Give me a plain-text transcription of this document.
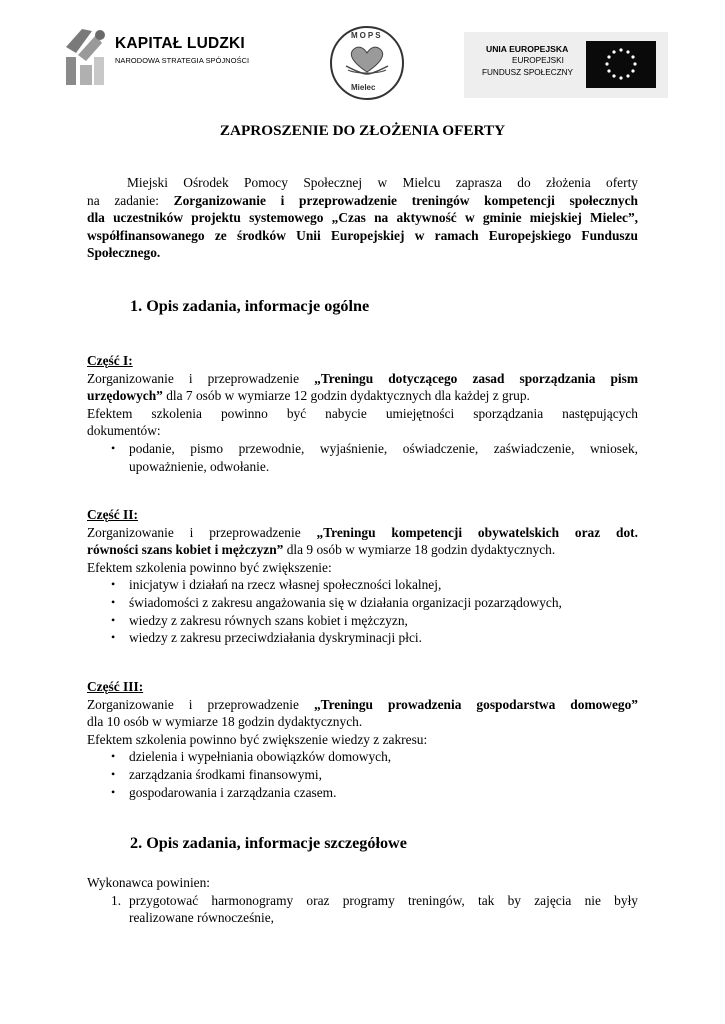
KAPITAŁ LUDZKI
NARODOWA STRATEGIA SPÓJNOŚCI
MOPS
Mielec
UNIA EUROPEJSKA
EUROPEJSKI
FUNDUSZ SPOŁECZNY
ZAPROSZENIE DO ZŁOŻENIA OFERTY
Miejski Ośrodek Pomocy Społecznej w Mielcu zaprasza do złożenia oferty
na zadanie: Zorganizowanie i przeprowadzenie treningów kompetencji społecznych
dla uczestników projektu systemowego „Czas na aktywność w gminie miejskiej Mielec”,
współfinansowanego ze środków Unii Europejskiej w ramach Europejskiego Funduszu
Społecznego.
1. Opis zadania, informacje ogólne
Część I:
Zorganizowanie i przeprowadzenie „Treningu dotyczącego zasad sporządzania pism
urzędowych” dla 7 osób w wymiarze 12 godzin dydaktycznych dla każdej z grup.
Efektem szkolenia powinno być nabycie umiejętności sporządzania następujących
dokumentów:
• podanie, pismo przewodnie, wyjaśnienie, oświadczenie, zaświadczenie, wniosek,
upoważnienie, odwołanie.
Część II:
Zorganizowanie i przeprowadzenie „Treningu kompetencji obywatelskich oraz dot.
równości szans kobiet i mężczyzn” dla 9 osób w wymiarze 18 godzin dydaktycznych.
Efektem szkolenia powinno być zwiększenie:
• inicjatyw i działań na rzecz własnej społeczności lokalnej,
• świadomości z zakresu angażowania się w działania organizacji pozarządowych,
• wiedzy z zakresu równych szans kobiet i mężczyzn,
• wiedzy z zakresu przeciwdziałania dyskryminacji płci.
Część III:
Zorganizowanie i przeprowadzenie „Treningu prowadzenia gospodarstwa domowego”
dla 10 osób w wymiarze 18 godzin dydaktycznych.
Efektem szkolenia powinno być zwiększenie wiedzy z zakresu:
• dzielenia i wypełniania obowiązków domowych,
• zarządzania środkami finansowymi,
• gospodarowania i zarządzania czasem.
2. Opis zadania, informacje szczegółowe
Wykonawca powinien:
1. przygotować harmonogramy oraz programy treningów, tak by zajęcia nie były
realizowane równocześnie,
